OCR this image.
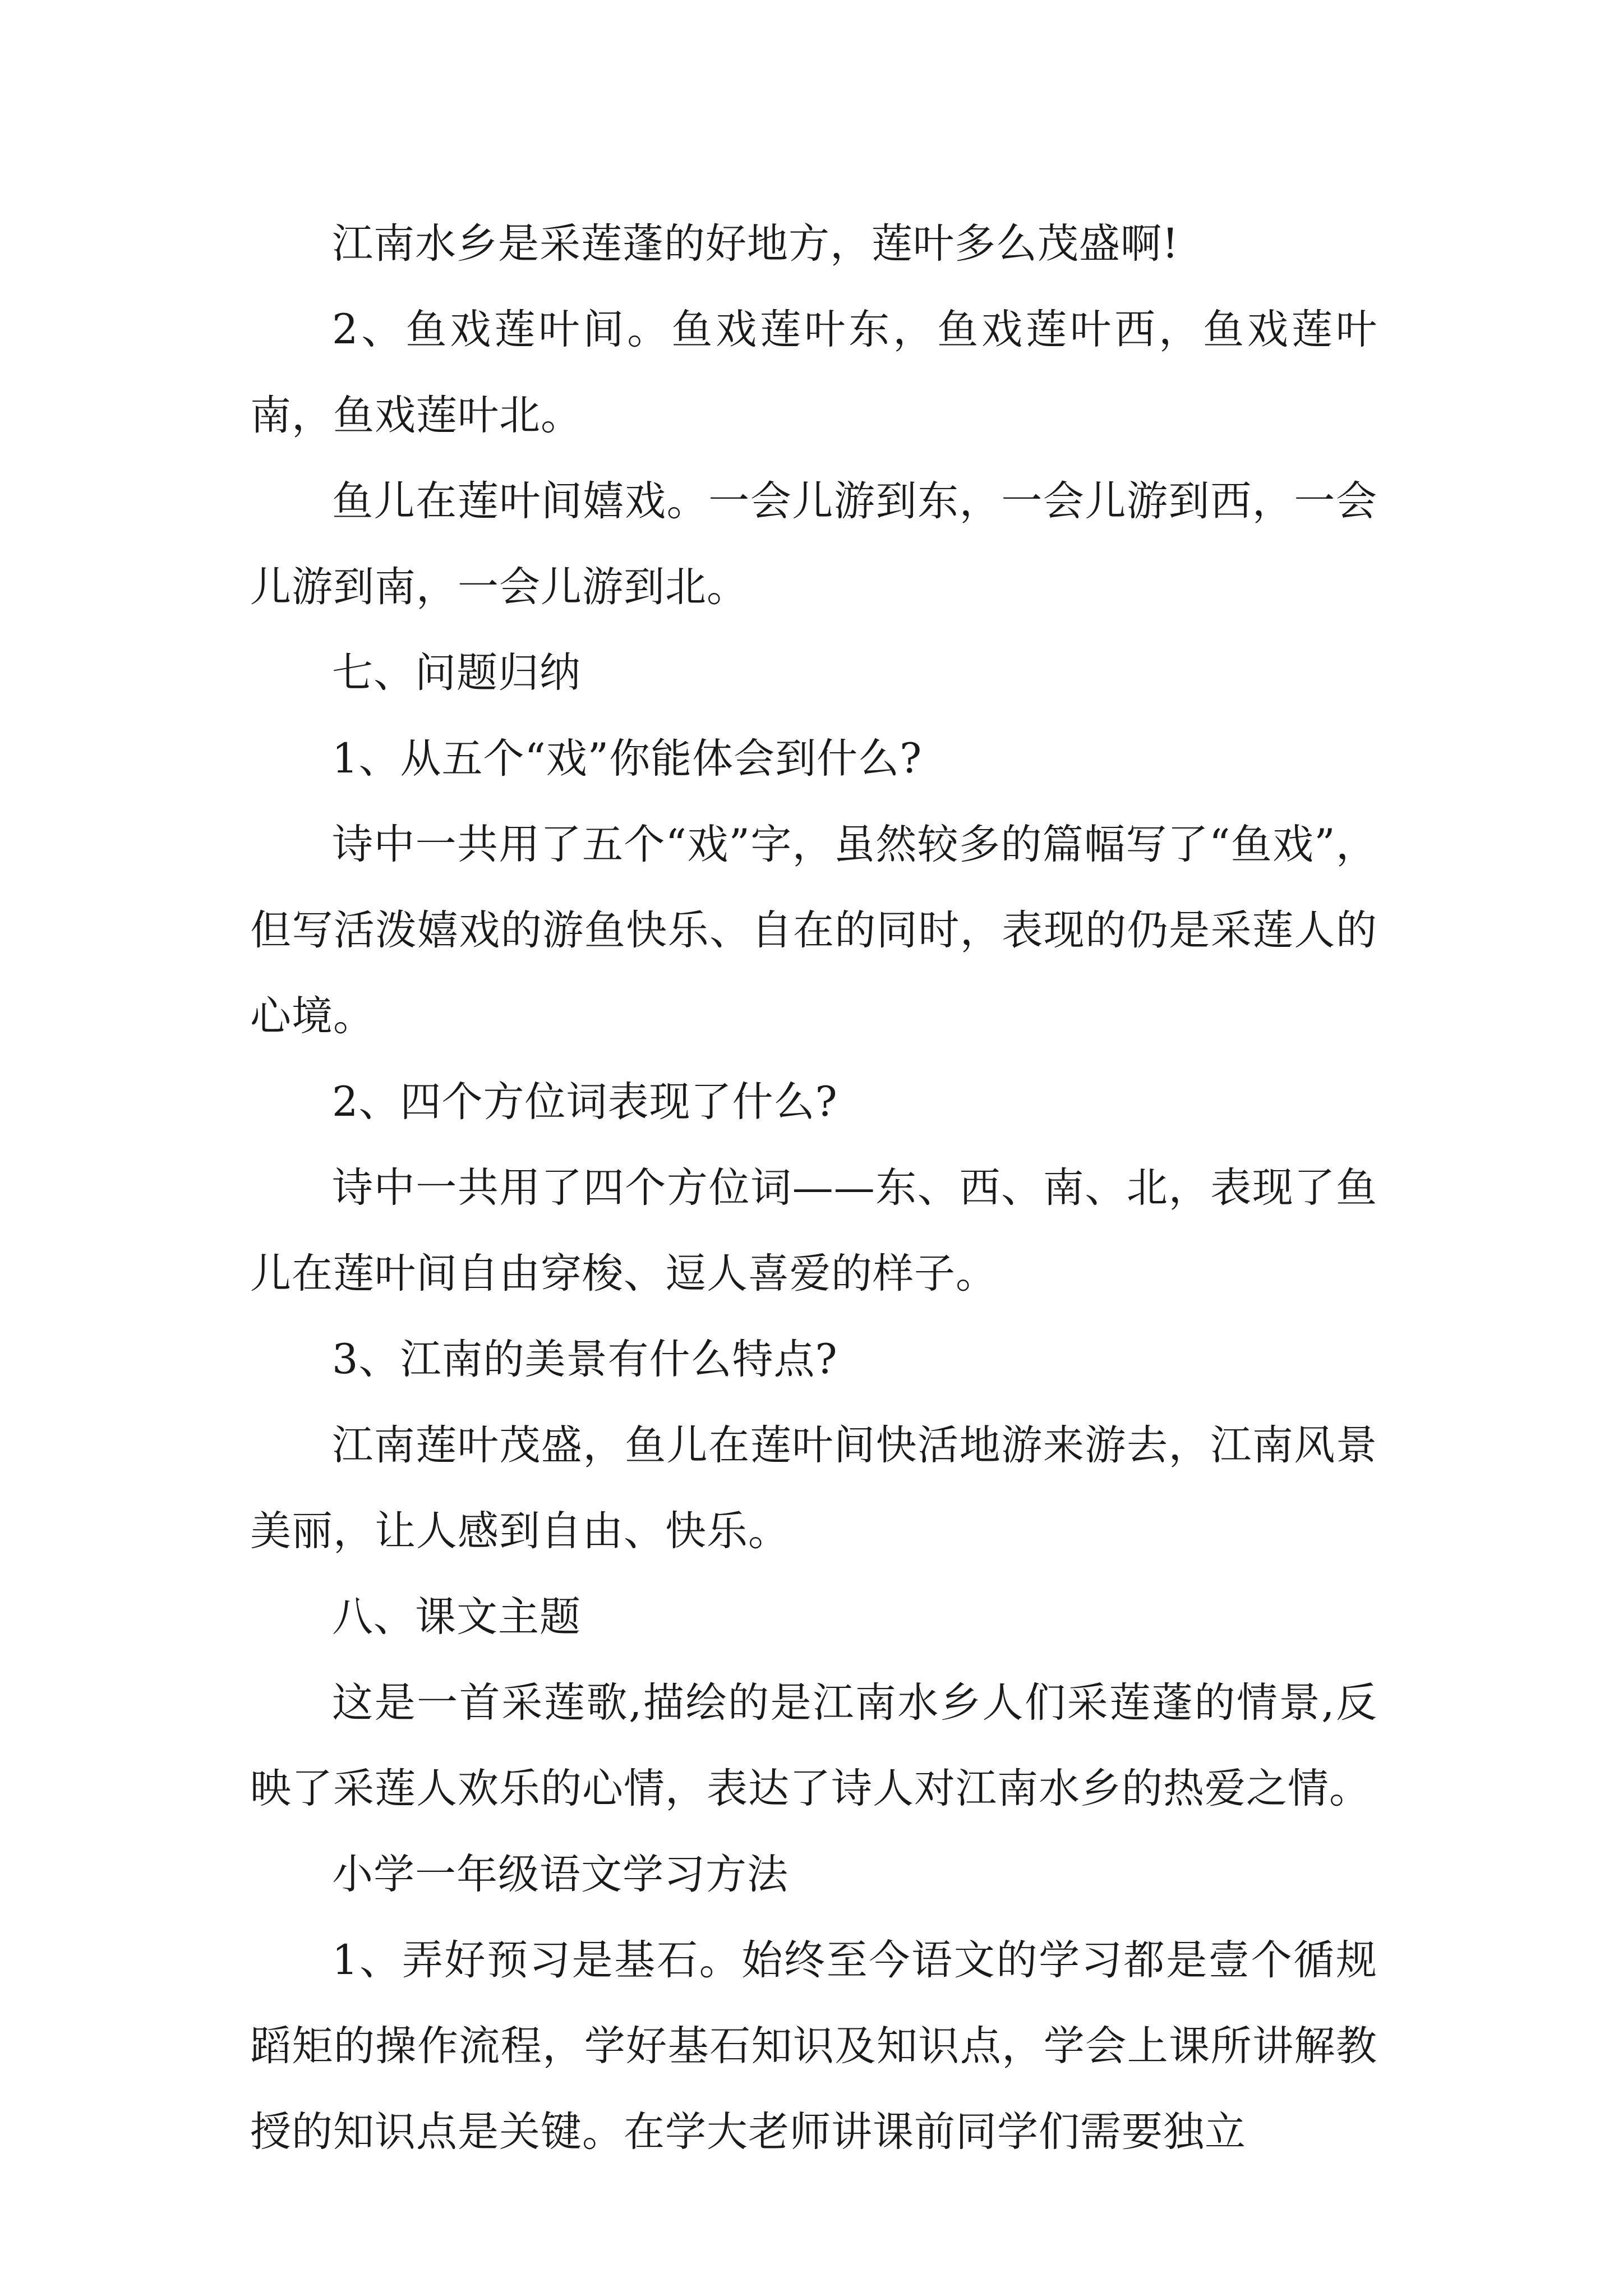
江南水乡是采莲蓬的好地方，莲叶多么茂盛啊!

2、鱼戏莲叶间。鱼戏莲叶东，鱼戏莲叶西，鱼戏莲叶南，鱼戏莲叶北。

鱼儿在莲叶间嬉戏。一会儿游到东，一会儿游到西，一会儿游到南，一会儿游到北。

七、问题归纳

1、从五个“戏”你能体会到什么?

诗中一共用了五个“戏”字，虽然较多的篇幅写了“鱼戏”，但写活泼嬉戏的游鱼快乐、自在的同时，表现的仍是采莲人的心境。

2、四个方位词表现了什么?

诗中一共用了四个方位词——东、西、南、北，表现了鱼儿在莲叶间自由穿梭、逗人喜爱的样子。

3、江南的美景有什么特点?

江南莲叶茂盛，鱼儿在莲叶间快活地游来游去，江南风景美丽，让人感到自由、快乐。

八、课文主题

这是一首采莲歌,描绘的是江南水乡人们采莲蓬的情景,反映了采莲人欢乐的心情，表达了诗人对江南水乡的热爱之情。

小学一年级语文学习方法

1、弄好预习是基石。始终至今语文的学习都是壹个循规蹈矩的操作流程，学好基石知识及知识点，学会上课所讲解教授的知识点是关键。在学大老师讲课前同学们需要独立
